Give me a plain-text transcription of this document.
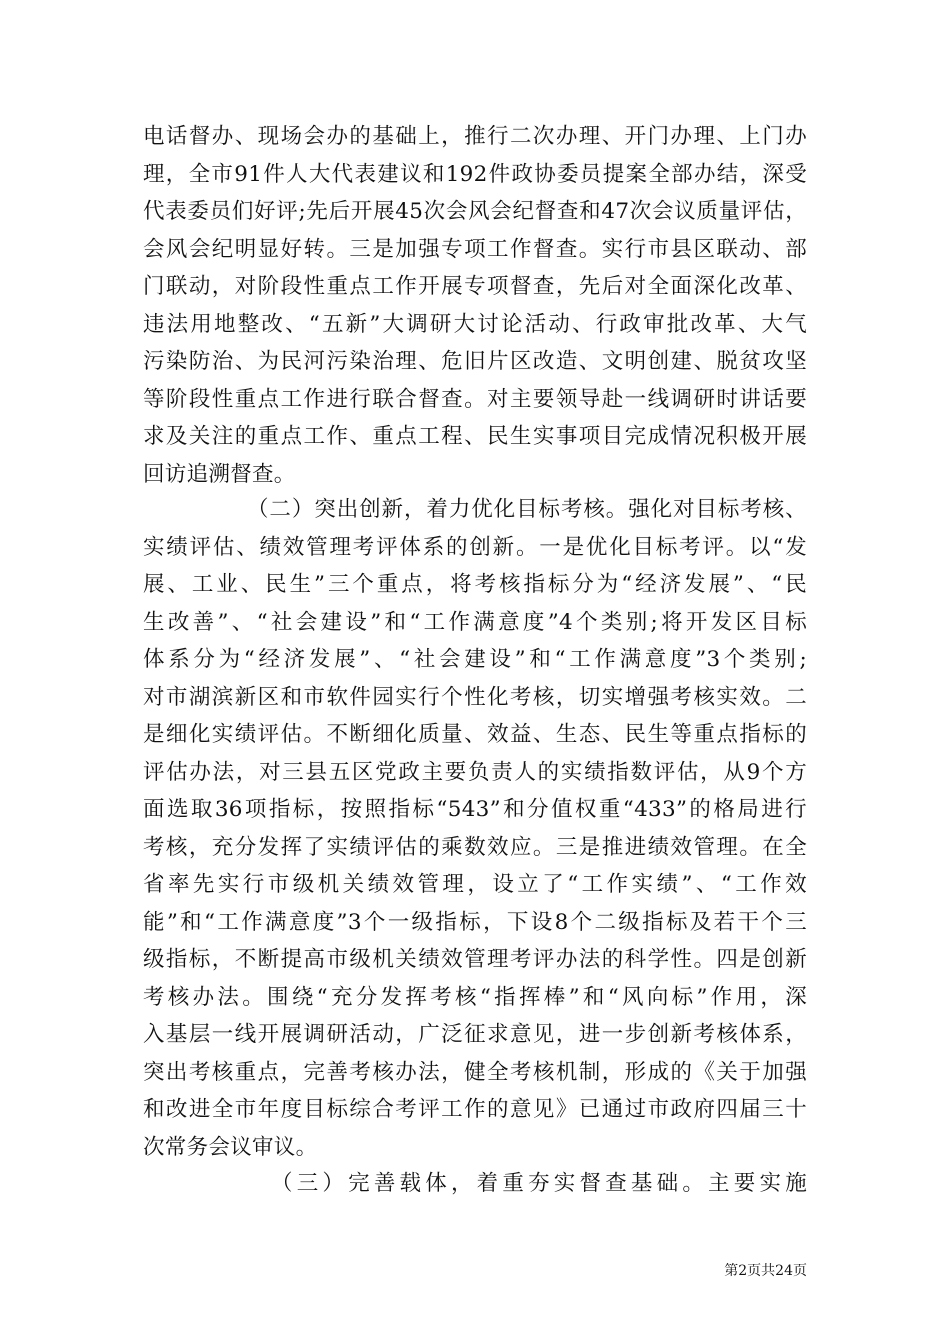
电话督办、现场会办的基础上，推行二次办理、开门办理、上门办
理，全市91件人大代表建议和192件政协委员提案全部办结，深受
代表委员们好评;先后开展45次会风会纪督查和47次会议质量评估，
会风会纪明显好转。三是加强专项工作督查。实行市县区联动、部
门联动，对阶段性重点工作开展专项督查，先后对全面深化改革、
违法用地整改、“五新”大调研大讨论活动、行政审批改革、大气
污染防治、为民河污染治理、危旧片区改造、文明创建、脱贫攻坚
等阶段性重点工作进行联合督查。对主要领导赴一线调研时讲话要
求及关注的重点工作、重点工程、民生实事项目完成情况积极开展
回访追溯督查。
（二）突出创新，着力优化目标考核。强化对目标考核、
实绩评估、绩效管理考评体系的创新。一是优化目标考评。以“发
展、工业、民生”三个重点，将考核指标分为“经济发展”、“民
生改善”、“社会建设”和“工作满意度”4个类别;将开发区目标
体系分为“经济发展”、“社会建设”和“工作满意度”3个类别;
对市湖滨新区和市软件园实行个性化考核，切实增强考核实效。二
是细化实绩评估。不断细化质量、效益、生态、民生等重点指标的
评估办法，对三县五区党政主要负责人的实绩指数评估，从9个方
面选取36项指标，按照指标“543”和分值权重“433”的格局进行
考核，充分发挥了实绩评估的乘数效应。三是推进绩效管理。在全
省率先实行市级机关绩效管理，设立了“工作实绩”、“工作效
能”和“工作满意度”3个一级指标，下设8个二级指标及若干个三
级指标，不断提高市级机关绩效管理考评办法的科学性。四是创新
考核办法。围绕“充分发挥考核“指挥棒”和“风向标”作用，深
入基层一线开展调研活动，广泛征求意见，进一步创新考核体系，
突出考核重点，完善考核办法，健全考核机制，形成的《关于加强
和改进全市年度目标综合考评工作的意见》已通过市政府四届三十
次常务会议审议。
（三）完善载体，着重夯实督查基础。主要实施
第2页共24页
